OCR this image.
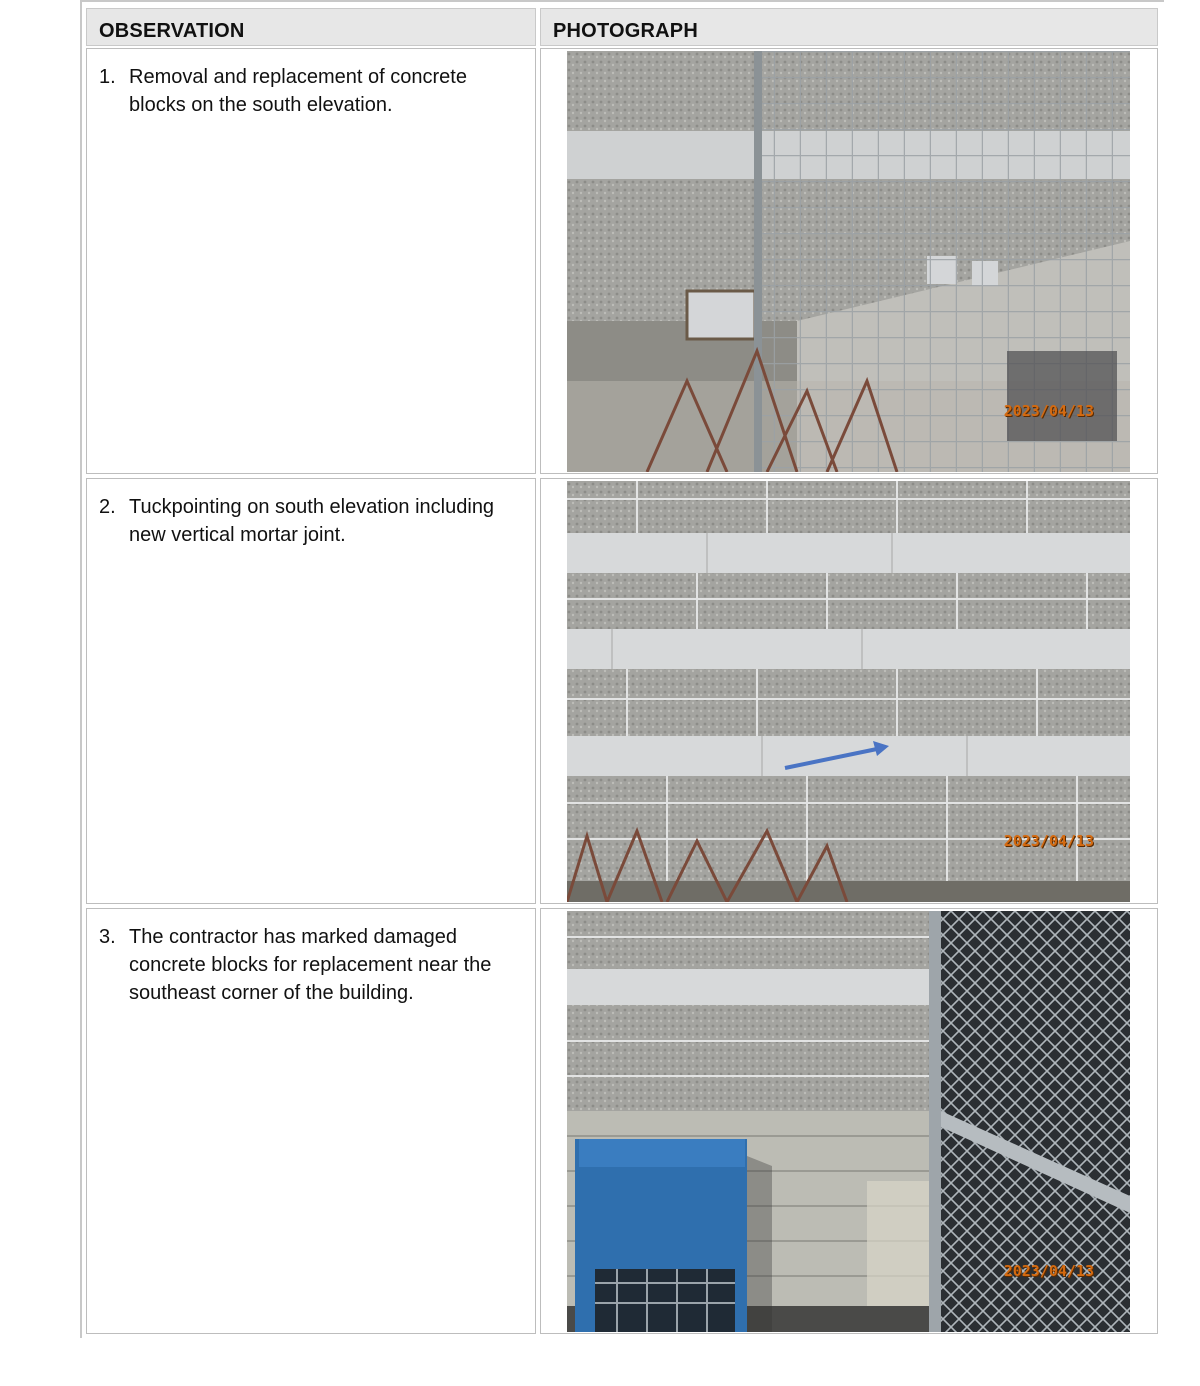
OBSERVATION	PHOTOGRAPH
1. Removal and replacement of concrete blocks on the south elevation.
2023/04/13
2. Tuckpointing on south elevation including new vertical mortar joint.
2023/04/13
3. The contractor has marked damaged concrete blocks for replacement near the southeast corner of the building.
2023/04/13
